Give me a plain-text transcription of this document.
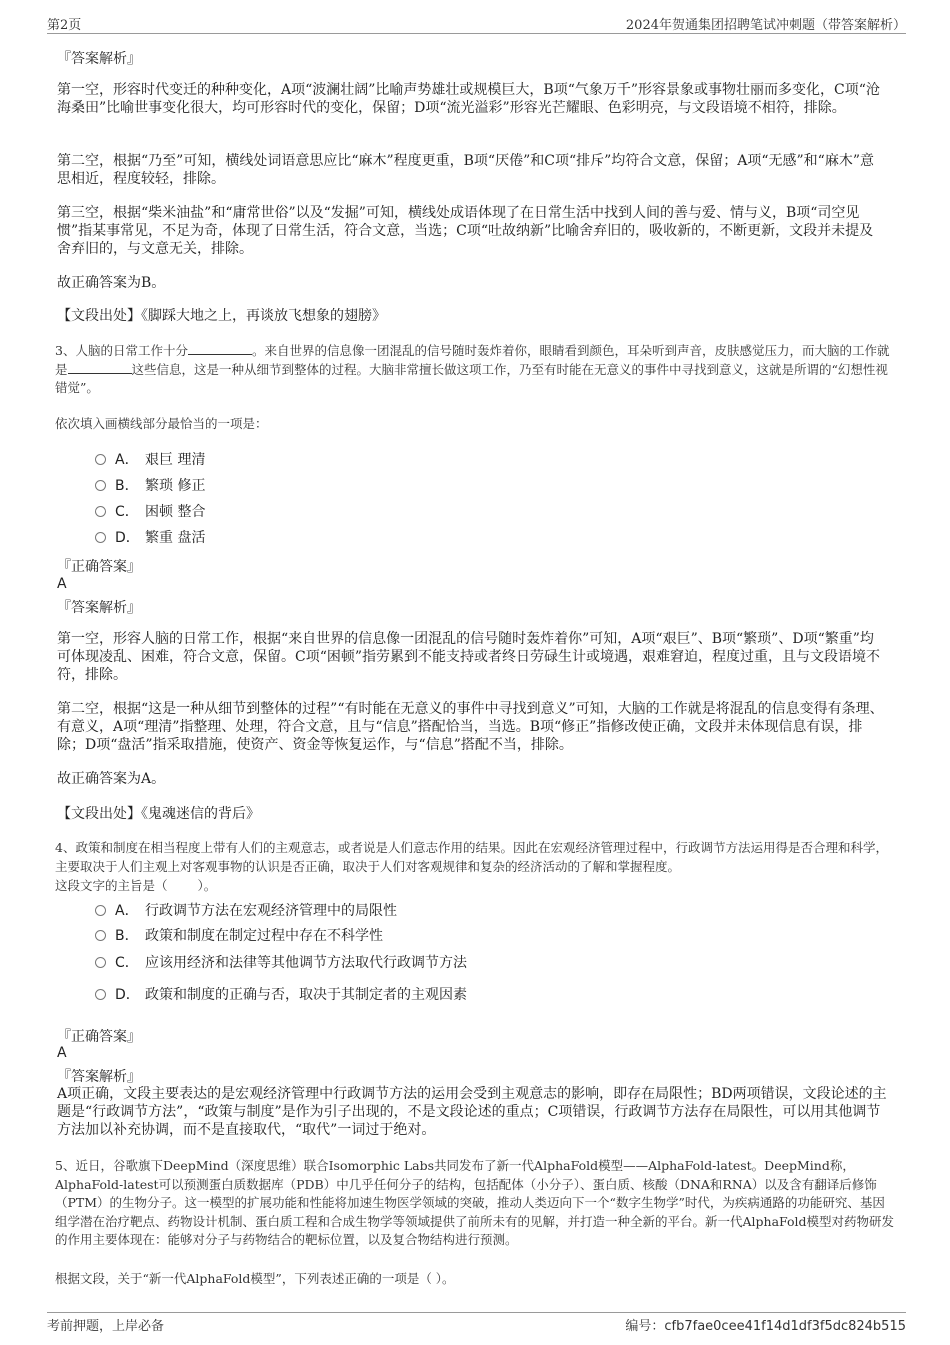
第2页	2024年贺通集团招聘笔试冲刺题（带答案解析）
『答案解析』

第一空，形容时代变迁的种种变化，A项“波澜壮阔”比喻声势雄壮或规模巨大，B项“气象万千”形容景象或事物壮丽而多变化，C项“沧海桑田”比喻世事变化很大，均可形容时代的变化，保留；D项“流光溢彩”形容光芒耀眼、色彩明亮，与文段语境不相符，排除。

第二空，根据“乃至”可知，横线处词语意思应比“麻木”程度更重，B项“厌倦”和C项“排斥”均符合文意，保留；A项“无感”和“麻木”意思相近，程度较轻，排除。

第三空，根据“柴米油盐”和“庸常世俗”以及“发掘”可知，横线处成语体现了在日常生活中找到人间的善与爱、情与义，B项“司空见惯”指某事常见，不足为奇，体现了日常生活，符合文意，当选；C项“吐故纳新”比喻舍弃旧的，吸收新的，不断更新，文段并未提及舍弃旧的，与文意无关，排除。

故正确答案为B。

【文段出处】《脚踩大地之上，再谈放飞想象的翅膀》

3、人脑的日常工作十分	。来自世界的信息像一团混乱的信号随时轰炸着你，眼睛看到颜色，耳朵听到声音，皮肤感觉压力，而大脑的工作就是	这些信息，这是一种从细节到整体的过程。大脑非常擅长做这项工作，乃至有时能在无意义的事件中寻找到意义，这就是所谓的“幻想性视错觉”。

依次填入画横线部分最恰当的一项是：

A． 艰巨 理清
B． 繁琐 修正
C． 困顿 整合
D． 繁重 盘活
『正确答案』
A
『答案解析』

第一空，形容人脑的日常工作，根据“来自世界的信息像一团混乱的信号随时轰炸着你”可知，A项“艰巨”、B项“繁琐”、D项“繁重”均可体现凌乱、困难，符合文意，保留。C项“困顿”指劳累到不能支持或者终日劳碌生计或境遇，艰难窘迫，程度过重，且与文段语境不符，排除。

第二空，根据“这是一种从细节到整体的过程”“有时能在无意义的事件中寻找到意义”可知，大脑的工作就是将混乱的信息变得有条理、有意义，A项“理清”指整理、处理，符合文意，且与“信息”搭配恰当，当选。B项“修正”指修改使正确，文段并未体现信息有误，排除；D项“盘活”指采取措施，使资产、资金等恢复运作，与“信息”搭配不当，排除。

故正确答案为A。

【文段出处】《鬼魂迷信的背后》

4、政策和制度在相当程度上带有人们的主观意志，或者说是人们意志作用的结果。因此在宏观经济管理过程中，行政调节方法运用得是否合理和科学，主要取决于人们主观上对客观事物的认识是否正确，取决于人们对客观规律和复杂的经济活动的了解和掌握程度。

这段文字的主旨是（ ）。

A． 行政调节方法在宏观经济管理中的局限性
B． 政策和制度在制定过程中存在不科学性
C． 应该用经济和法律等其他调节方法取代行政调节方法
D． 政策和制度的正确与否，取决于其制定者的主观因素
『正确答案』
A
『答案解析』

A项正确，文段主要表达的是宏观经济管理中行政调节方法的运用会受到主观意志的影响，即存在局限性；BD两项错误，文段论述的主题是“行政调节方法”，“政策与制度”是作为引子出现的，不是文段论述的重点；C项错误，行政调节方法存在局限性，可以用其他调节方法加以补充协调，而不是直接取代，“取代”一词过于绝对。

5、近日，谷歌旗下DeepMind（深度思维）联合Isomorphic Labs共同发布了新一代AlphaFold模型——AlphaFold-latest。DeepMind称，AlphaFold-latest可以预测蛋白质数据库（PDB）中几乎任何分子的结构，包括配体（小分子）、蛋白质、核酸（DNA和RNA）以及含有翻译后修饰（PTM）的生物分子。这一模型的扩展功能和性能将加速生物医学领域的突破，推动人类迈向下一个“数字生物学”时代，为疾病通路的功能研究、基因组学潜在治疗靶点、药物设计机制、蛋白质工程和合成生物学等领域提供了前所未有的见解，并打造一种全新的平台。新一代AlphaFold模型对药物研发的作用主要体现在：能够对分子与药物结合的靶标位置，以及复合物结构进行预测。

根据文段，关于“新一代AlphaFold模型”，下列表述正确的一项是（ ）。

考前押题，上岸必备	编号：cfb7fae0cee41f14d1df3f5dc824b515
